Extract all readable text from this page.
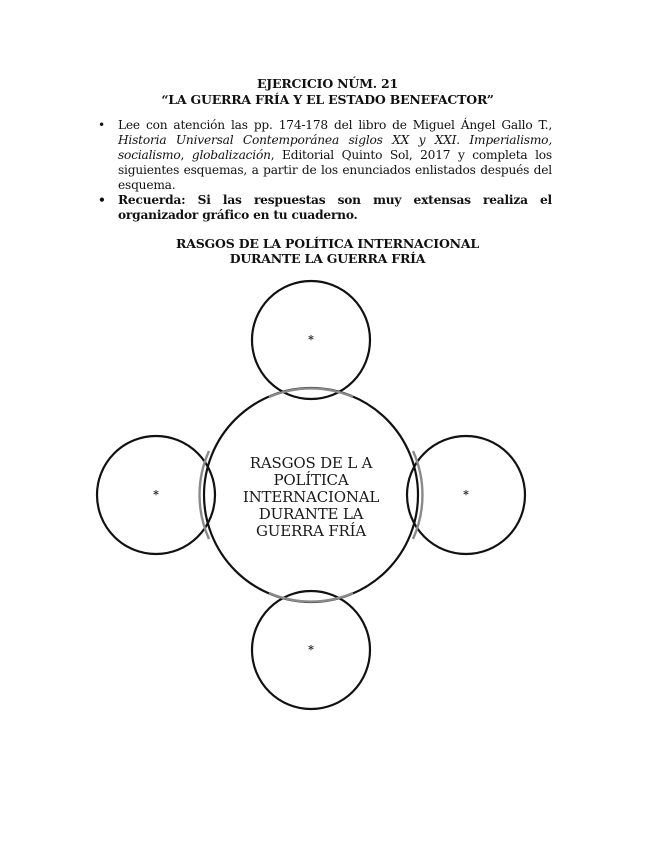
EJERCICIO NÚM. 21
“LA GUERRA FRÍA Y EL ESTADO BENEFACTOR”
• Lee con atención las pp. 174-178 del libro de Miguel Ángel Gallo T., Historia Universal Contemporánea siglos XX y XXI. Imperialismo, socialismo, globalización, Editorial Quinto Sol, 2017 y completa los siguientes esquemas, a partir de los enunciados enlistados después del esquema.
• Recuerda: Si las respuestas son muy extensas realiza el organizador gráfico en tu cuaderno.
RASGOS DE LA POLÍTICA INTERNACIONAL
DURANTE LA GUERRA FRÍA
RASGOS DE L A
POLÍTICA
INTERNACIONAL
DURANTE LA
GUERRA FRÍA
*
*	*
*
